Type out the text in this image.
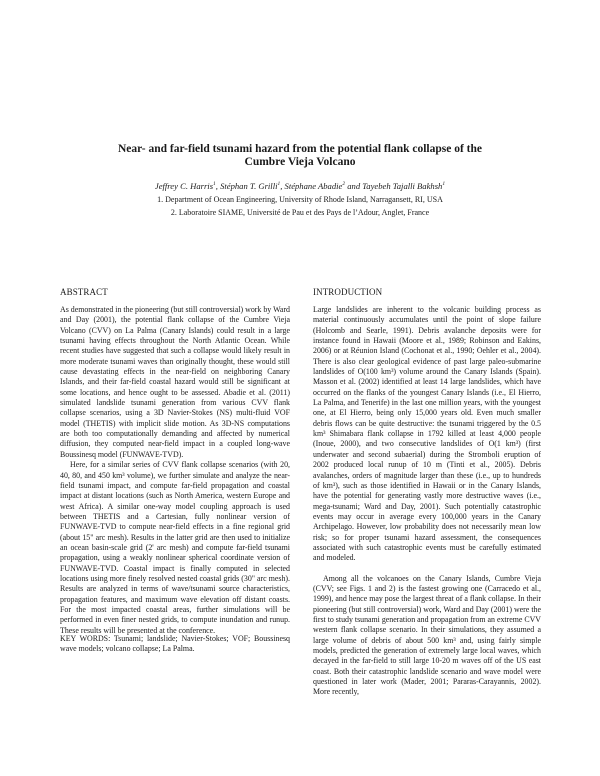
Near- and far-field tsunami hazard from the potential flank collapse of the
Cumbre Vieja Volcano
Jeffrey C. Harris$^1$, Stéphan T. Grilli$^1$, Stéphane Abadie$^2$ and Tayebeh Tajalli Bakhsh$^1$
1. Department of Ocean Engineering, University of Rhode Island, Narragansett, RI, USA
2. Laboratoire SIAME, Université de Pau et des Pays de l’Adour, Anglet, France
ABSTRACT	INTRODUCTION

As demonstrated in the pioneering (but still controversial) work by Ward and Day (2001), the potential flank collapse of the Cumbre Vieja Volcano (CVV) on La Palma (Canary Islands) could result in a large tsunami having effects throughout the North Atlantic Ocean. While recent studies have suggested that such a collapse would likely result in more moderate tsunami waves than originally thought, these would still cause devastating effects in the near-field on neighboring Canary Islands, and their far-field coastal hazard would still be significant at some locations, and hence ought to be assessed. Abadie et al. (2011) simulated landslide tsunami generation from various CVV flank collapse scenarios, using a 3D Navier-Stokes (NS) multi-fluid VOF model (THETIS) with implicit slide motion. As 3D-NS computations are both too computationally demanding and affected by numerical diffusion, they computed near-field impact in a coupled long-wave Boussinesq model (FUNWAVE-TVD).

Here, for a similar series of CVV flank collapse scenarios (with 20, 40, 80, and 450 km³ volume), we further simulate and analyze the near-field tsunami impact, and compute far-field propagation and coastal impact at distant locations (such as North America, western Europe and west Africa). A similar one-way model coupling approach is used between THETIS and a Cartesian, fully nonlinear version of FUNWAVE-TVD to compute near-field effects in a fine regional grid (about 15" arc mesh). Results in the latter grid are then used to initialize an ocean basin-scale grid (2' arc mesh) and compute far-field tsunami propagation, using a weakly nonlinear spherical coordinate version of FUNWAVE-TVD. Coastal impact is finally computed in selected locations using more finely resolved nested coastal grids (30" arc mesh). Results are analyzed in terms of wave/tsunami source characteristics, propagation features, and maximum wave elevation off distant coasts. For the most impacted coastal areas, further simulations will be performed in even finer nested grids, to compute inundation and runup. These results will be presented at the conference.

KEY WORDS: Tsunami; landslide; Navier-Stokes; VOF; Boussinesq wave models; volcano collapse; La Palma.

Large landslides are inherent to the volcanic building process as material continuously accumulates until the point of slope failure (Holcomb and Searle, 1991). Debris avalanche deposits were for instance found in Hawaii (Moore et al., 1989; Robinson and Eakins, 2006) or at Réunion Island (Cochonat et al., 1990; Oehler et al., 2004). There is also clear geological evidence of past large paleo-submarine landslides of O(100 km³) volume around the Canary Islands (Spain). Masson et al. (2002) identified at least 14 large landslides, which have occurred on the flanks of the youngest Canary Islands (i.e., El Hierro, La Palma, and Tenerife) in the last one million years, with the youngest one, at El Hierro, being only 15,000 years old. Even much smaller debris flows can be quite destructive: the tsunami triggered by the 0.5 km³ Shimabara flank collapse in 1792 killed at least 4,000 people (Inoue, 2000), and two consecutive landslides of O(1 km³) (first underwater and second subaerial) during the Stromboli eruption of 2002 produced local runup of 10 m (Tinti et al., 2005). Debris avalanches, orders of magnitude larger than these (i.e., up to hundreds of km³), such as those identified in Hawaii or in the Canary Islands, have the potential for generating vastly more destructive waves (i.e., mega-tsunami; Ward and Day, 2001). Such potentially catastrophic events may occur in average every 100,000 years in the Canary Archipelago. However, low probability does not necessarily mean low risk; so for proper tsunami hazard assessment, the consequences associated with such catastrophic events must be carefully estimated and modeled.

Among all the volcanoes on the Canary Islands, Cumbre Vieja (CVV; see Figs. 1 and 2) is the fastest growing one (Carracedo et al., 1999), and hence may pose the largest threat of a flank collapse. In their pioneering (but still controversial) work, Ward and Day (2001) were the first to study tsunami generation and propagation from an extreme CVV western flank collapse scenario. In their simulations, they assumed a large volume of debris of about 500 km³ and, using fairly simple models, predicted the generation of extremely large local waves, which decayed in the far-field to still large 10-20 m waves off of the US east coast. Both their catastrophic landslide scenario and wave model were questioned in later work (Mader, 2001; Pararas-Carayannis, 2002). More recently,
